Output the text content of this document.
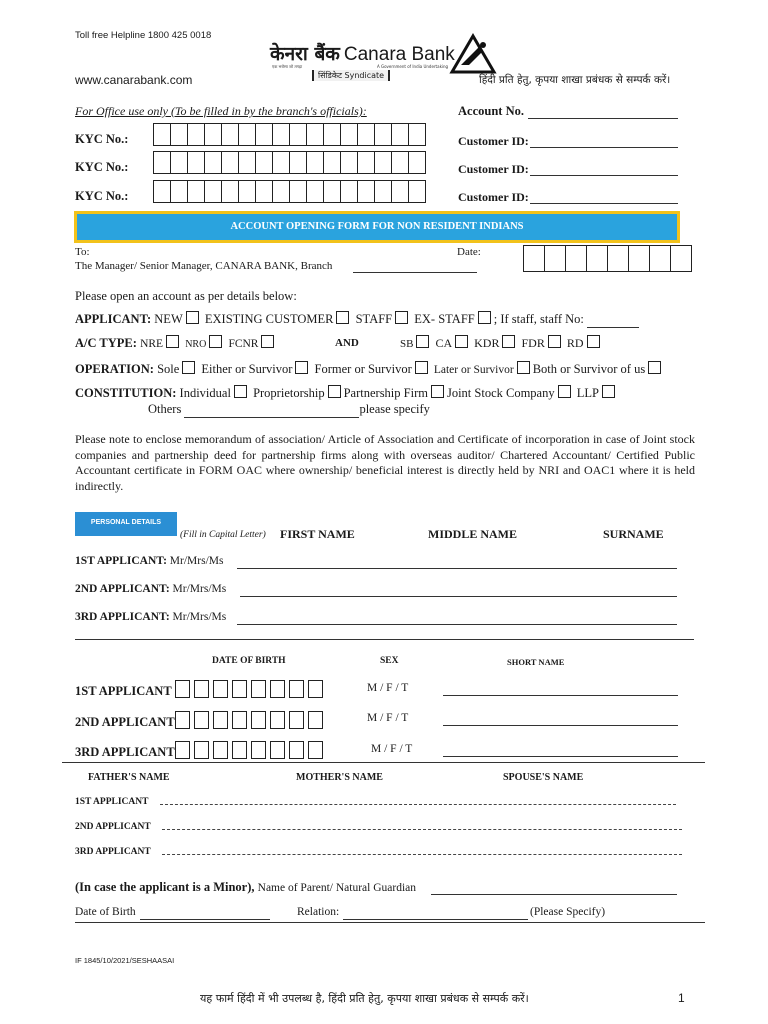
Toll free Helpline 1800 425 0018
www.canarabank.com
केनरा बैंक Canara Bank
एक भरोसा जो तगड़ा	A Government of India Undertaking
सिंडिकेट Syndicate	हिंदी प्रति हेतु, कृपया शाखा प्रबंधक से सम्पर्क करें।
For Office use only (To be filled in by the branch's officials):
KYC No.:
KYC No.:
KYC No.:
Account No.
Customer ID:
Customer ID:
Customer ID:
ACCOUNT OPENING FORM FOR NON RESIDENT INDIANS
To:
The Manager/ Senior Manager, CANARA BANK, Branch
Date:
Please open an account as per details below:
APPLICANT: NEW EXISTING CUSTOMER STAFF EX- STAFF ; If staff, staff No:
A/C TYPE: NRE NRO FCNR	AND	SB CA KDR FDR RD
OPERATION: Sole Either or Survivor Former or Survivor Later or Survivor Both or Survivor of us
CONSTITUTION: Individual Proprietorship Partnership Firm Joint Stock Company LLP
Others	please specify
Please note to enclose memorandum of association/ Article of Association and Certificate of incorporation in case of Joint stock companies and partnership deed for partnership firms along with overseas auditor/ Chartered Accountant/ Certified Public Accountant certificate in FORM OAC where ownership/ beneficial interest is directly held by NRI and OAC1 where it is held indirectly.
PERSONAL DETAILS
(Fill in Capital Letter) FIRST NAME	MIDDLE NAME	SURNAME
1ST APPLICANT: Mr/Mrs/Ms
2ND APPLICANT: Mr/Mrs/Ms
3RD APPLICANT: Mr/Mrs/Ms
DATE OF BIRTH	SEX	SHORT NAME
1ST APPLICANT	M / F / T
2ND APPLICANT	M / F / T
3RD APPLICANT	M / F / T
FATHER'S NAME	MOTHER'S NAME	SPOUSE'S NAME
1ST APPLICANT
2ND APPLICANT
3RD APPLICANT
(In case the applicant is a Minor), Name of Parent/ Natural Guardian
Date of Birth	Relation:	(Please Specify)
IF 1845/10/2021/SESHAASAI
यह फार्म हिंदी में भी उपलब्ध है, हिंदी प्रति हेतु, कृपया शाखा प्रबंधक से सम्पर्क करें।	1
